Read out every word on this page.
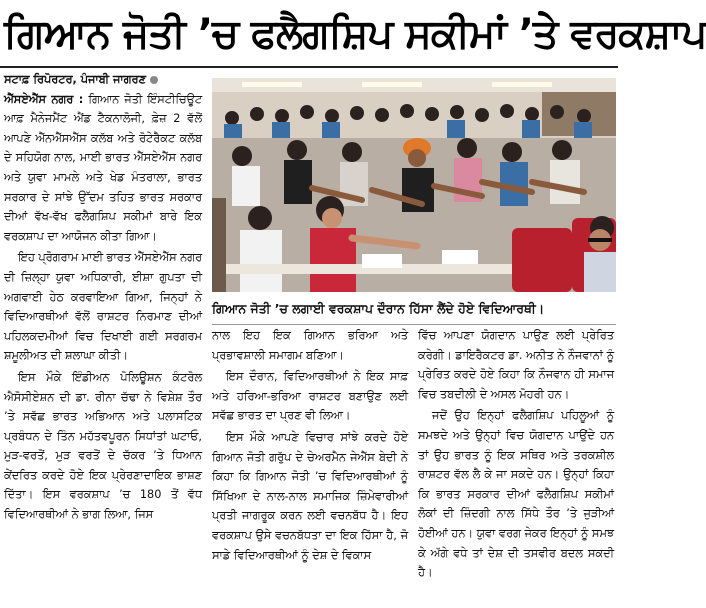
ਗਿਆਨ ਜੋਤੀ ’ਚ ਫਲੈਗਸ਼ਿਪ ਸਕੀਮਾਂ ’ਤੇ ਵਰਕਸ਼ਾਪ
ਸਟਾਫ਼ ਰਿਪੋਰਟਰ, ਪੰਜਾਬੀ ਜਾਗਰਣ

ਐੱਸਏਐੱਸ ਨਗਰ : ਗਿਆਨ ਜੋਤੀ ਇੰਸਟੀਚਿਊਟ ਆਫ਼ ਮੈਨੇਜਮੈਂਟ ਐਂਡ ਟੈਕਨਾਲੋਜੀ, ਫ਼ੇਜ਼ 2 ਵੱਲੋਂ ਆਪਣੇ ਐੱਨਐੱਸਐੱਸ ਕਲੱਬ ਅਤੇ ਰੋਟੇਰੈਕਟ ਕਲੱਬ ਦੇ ਸਹਿਯੋਗ ਨਾਲ, ਮਾਈ ਭਾਰਤ ਐੱਸਏਐੱਸ ਨਗਰ ਅਤੇ ਯੁਵਾ ਮਾਮਲੇ ਅਤੇ ਖੇਡ ਮੰਤਰਾਲਾ, ਭਾਰਤ ਸਰਕਾਰ ਦੇ ਸਾਂਝੇ ਉੱਦਮ ਤਹਿਤ ਭਾਰਤ ਸਰਕਾਰ ਦੀਆਂ ਵੱਖ-ਵੱਖ ਫਲੈਗਸ਼ਿਪ ਸਕੀਮਾਂ ਬਾਰੇ ਇਕ ਵਰਕਸ਼ਾਪ ਦਾ ਆਯੋਜਨ ਕੀਤਾ ਗਿਆ।

ਇਹ ਪ੍ਰੋਗਰਾਮ ਮਾਈ ਭਾਰਤ ਐੱਸਏਐੱਸ ਨਗਰ ਦੀ ਜ਼ਿਲ੍ਹਾ ਯੁਵਾ ਅਧਿਕਾਰੀ, ਈਸ਼ਾ ਗੁਪਤਾ ਦੀ ਅਗਵਾਈ ਹੇਠ ਕਰਵਾਇਆ ਗਿਆ, ਜਿਨ੍ਹਾਂ ਨੇ ਵਿਦਿਆਰਥੀਆਂ ਵੱਲੋਂ ਰਾਸ਼ਟਰ ਨਿਰਮਾਣ ਦੀਆਂ ਪਹਿਲਕਦਮੀਆਂ ਵਿਚ ਦਿਖਾਈ ਗਈ ਸਰਗਰਮ ਸ਼ਮੂਲੀਅਤ ਦੀ ਸ਼ਲਾਘਾ ਕੀਤੀ।

ਇਸ ਮੌਕੇ ਇੰਡੀਅਨ ਪੋਲਿਊਸ਼ਨ ਕੰਟਰੋਲ ਐਸੋਸੀਏਸ਼ਨ ਦੀ ਡਾ. ਰੀਨਾ ਚੱਢਾ ਨੇ ਵਿਸ਼ੇਸ਼ ਤੌਰ ’ਤੇ ਸਵੱਛ ਭਾਰਤ ਅਭਿਆਨ ਅਤੇ ਪਲਾਸਟਿਕ ਪ੍ਰਬੰਧਨ ਦੇ ਤਿੰਨ ਮਹੱਤਵਪੂਰਨ ਸਿਧਾਂਤਾਂ ਘਟਾਓ, ਮੁੜ-ਵਰਤੋਂ, ਮੁੜ ਵਰਤੋਂ ਦੇ ਚੱਕਰ ’ਤੇ ਧਿਆਨ ਕੇਂਦਰਿਤ ਕਰਦੇ ਹੋਏ ਇਕ ਪ੍ਰੇਰਣਾਦਾਇਕ ਭਾਸ਼ਣ ਦਿੱਤਾ। ਇਸ ਵਰਕਸ਼ਾਪ ’ਚ 180 ਤੋਂ ਵੱਧ ਵਿਦਿਆਰਥੀਆਂ ਨੇ ਭਾਗ ਲਿਆ, ਜਿਸ

ਗਿਆਨ ਜੋਤੀ ’ਚ ਲਗਾਈ ਵਰਕਸ਼ਾਪ ਦੌਰਾਨ ਹਿੱਸਾ ਲੈਂਦੇ ਹੋਏ ਵਿਦਿਆਰਥੀ।

ਨਾਲ ਇਹ ਇਕ ਗਿਆਨ ਭਰਿਆ ਅਤੇ ਪ੍ਰਭਾਵਸ਼ਾਲੀ ਸਮਾਗਮ ਬਣਿਆ।

ਇਸ ਦੌਰਾਨ, ਵਿਦਿਆਰਥੀਆਂ ਨੇ ਇਕ ਸਾਫ਼ ਅਤੇ ਹਰਿਆ-ਭਰਿਆ ਰਾਸ਼ਟਰ ਬਣਾਉਣ ਲਈ ਸਵੱਛ ਭਾਰਤ ਦਾ ਪ੍ਰਣ ਵੀ ਲਿਆ।

ਇਸ ਮੌਕੇ ਆਪਣੇ ਵਿਚਾਰ ਸਾਂਝੇ ਕਰਦੇ ਹੋਏ ਗਿਆਨ ਜੋਤੀ ਗਰੁੱਪ ਦੇ ਚੇਅਰਮੈਨ ਜੇਐੱਸ ਬੇਦੀ ਨੇ ਕਿਹਾ ਕਿ ਗਿਆਨ ਜੋਤੀ ’ਚ ਵਿਦਿਆਰਥੀਆਂ ਨੂੰ ਸਿੱਖਿਆ ਦੇ ਨਾਲ-ਨਾਲ ਸਮਾਜਿਕ ਜ਼ਿੰਮੇਵਾਰੀਆਂ ਪ੍ਰਤੀ ਜਾਗਰੂਕ ਕਰਨ ਲਈ ਵਚਨਬੱਧ ਹੈ। ਇਹ ਵਰਕਸ਼ਾਪ ਉਸੇ ਵਚਨਬੱਧਤਾ ਦਾ ਇਕ ਹਿੱਸਾ ਹੈ, ਜੋ ਸਾਡੇ ਵਿਦਿਆਰਥੀਆਂ ਨੂੰ ਦੇਸ਼ ਦੇ ਵਿਕਾਸ

ਵਿੱਚ ਆਪਣਾ ਯੋਗਦਾਨ ਪਾਉਣ ਲਈ ਪ੍ਰੇਰਿਤ ਕਰੇਗੀ। ਡਾਇਰੈਕਟਰ ਡਾ. ਅਨੀਤ ਨੇ ਨੌਜਵਾਨਾਂ ਨੂੰ ਪ੍ਰੇਰਿਤ ਕਰਦੇ ਹੋਏ ਕਿਹਾ ਕਿ ਨੌਜਵਾਨ ਹੀ ਸਮਾਜ ਵਿਚ ਤਬਦੀਲੀ ਦੇ ਅਸਲ ਮੋਹਰੀ ਹਨ।

ਜਦੋਂ ਉਹ ਇਨ੍ਹਾਂ ਫਲੈਗਸ਼ਿਪ ਪਹਿਲੂਆਂ ਨੂੰ ਸਮਝਦੇ ਅਤੇ ਉਨ੍ਹਾਂ ਵਿਚ ਯੋਗਦਾਨ ਪਾਉਂਦੇ ਹਨ ਤਾਂ ਉਹ ਭਾਰਤ ਨੂੰ ਇਕ ਸਥਿਰ ਅਤੇ ਤਰਕਸ਼ੀਲ ਰਾਸ਼ਟਰ ਵੱਲ ਲੈ ਕੇ ਜਾ ਸਕਦੇ ਹਨ। ਉਨ੍ਹਾਂ ਕਿਹਾ ਕਿ ਭਾਰਤ ਸਰਕਾਰ ਦੀਆਂ ਫਲੈਗਸ਼ਿਪ ਸਕੀਮਾਂ ਲੋਕਾਂ ਦੀ ਜ਼ਿੰਦਗੀ ਨਾਲ ਸਿੱਧੇ ਤੌਰ ’ਤੇ ਜੁੜੀਆਂ ਹੋਈਆਂ ਹਨ। ਯੁਵਾ ਵਰਗ ਜੇਕਰ ਇਨ੍ਹਾਂ ਨੂੰ ਸਮਝ ਕੇ ਅੱਗੇ ਵਧੇ ਤਾਂ ਦੇਸ਼ ਦੀ ਤਸਵੀਰ ਬਦਲ ਸਕਦੀ ਹੈ।
